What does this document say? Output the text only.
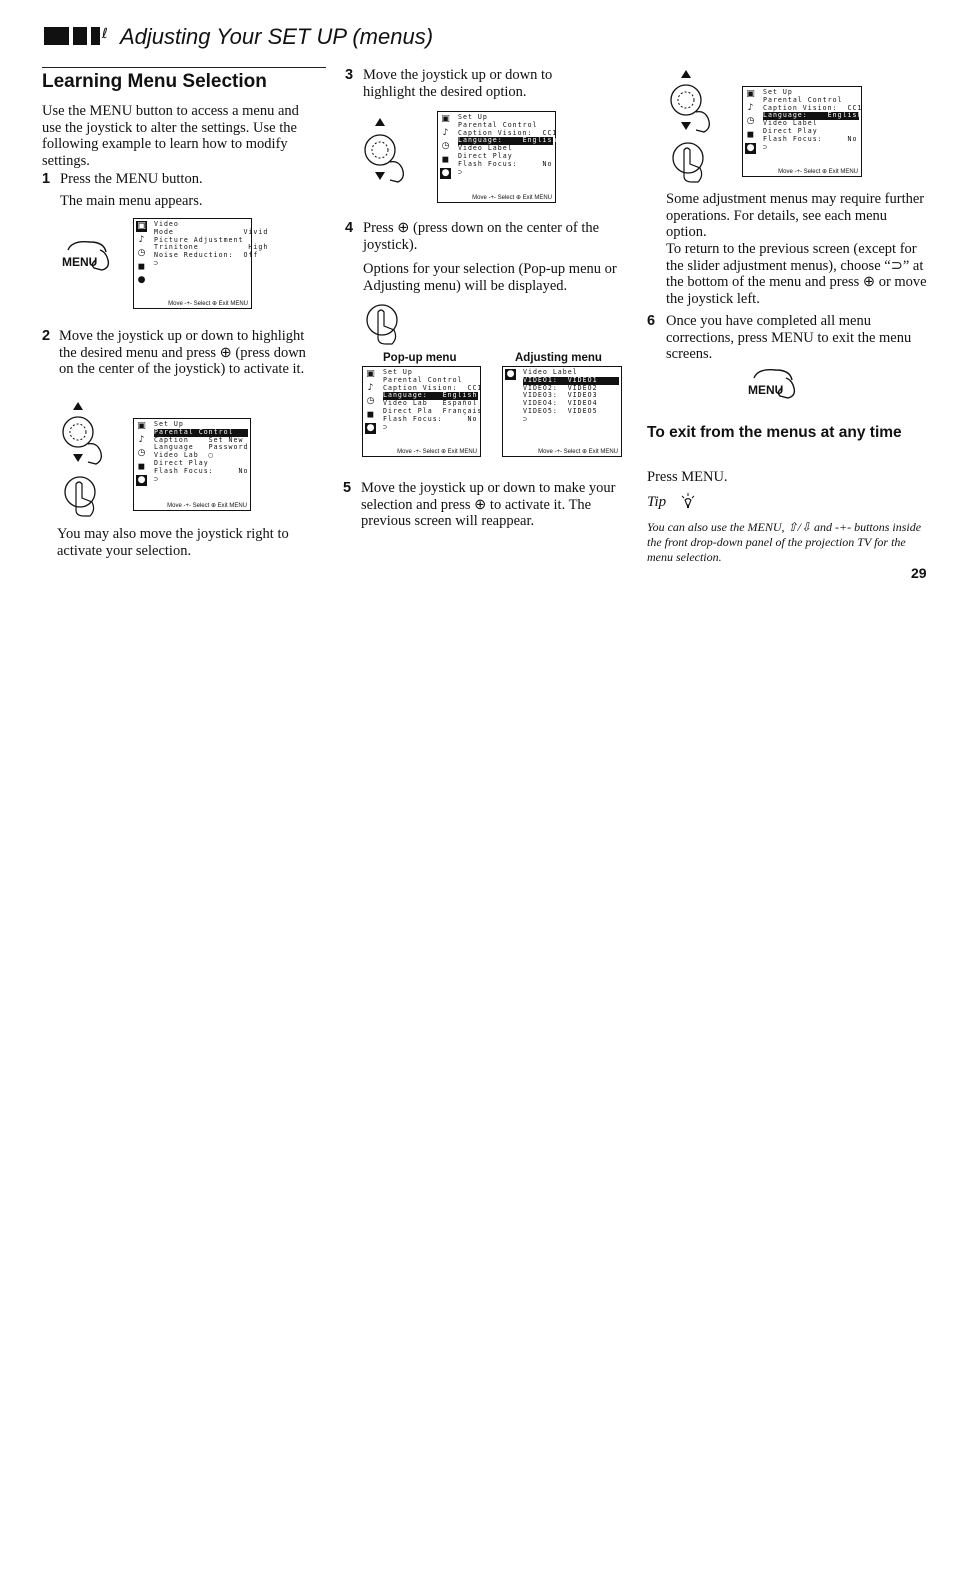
ℓ Adjusting Your SET UP (menus)
Learning Menu Selection
Use the MENU button to access a menu and use the joystick to alter the settings. Use the following example to learn how to modify settings.
1 Press the MENU button.
The main menu appears.
MENU
▣
♪
◷
◼
●
Video
Mode              Vivid
Picture Adjustment
Trinitone          High
Noise Reduction:  Off
⊃
Move -+- Select ⊕ Exit MENU
2 Move the joystick up or down to highlight the desired menu and press ⊕ (press down on the center of the joystick) to activate it.
▣
♪
◷
◼
●
Set Up
Parental Control
Caption    Set New
Language   Password
Video Lab  ▢
Direct Play
Flash Focus:     No
⊃
Move -+- Select ⊕ Exit MENU
You may also move the joystick right to activate your selection.
3 Move the joystick up or down to highlight the desired option.
▣
♪
◷
◼
●
Set Up
Parental Control
Caption Vision:  CC1
Language:    English
Video Label
Direct Play
Flash Focus:     No
⊃
Move -+- Select ⊕ Exit MENU
4 Press ⊕ (press down on the center of the joystick).
Options for your selection (Pop-up menu or Adjusting menu) will be displayed.
Pop-up menu	Adjusting menu
▣
♪
◷
◼
●
Set Up
Parental Control
Caption Vision:  CC1
Language:   English
Video Lab   Español
Direct Pla  Français
Flash Focus:     No
⊃
Move -+- Select ⊕ Exit MENU
● Video Label
VIDEO1:  VIDEO1
VIDEO2:  VIDEO2
VIDEO3:  VIDEO3
VIDEO4:  VIDEO4
VIDEO5:  VIDEO5
⊃
Move -+- Select ⊕ Exit MENU
5 Move the joystick up or down to make your selection and press ⊕ to activate it. The previous screen will reappear.
▣
♪
◷
◼
●
Set Up
Parental Control
Caption Vision:  CC1
Language:    English
Video Label
Direct Play
Flash Focus:     No
⊃
Move -+- Select ⊕ Exit MENU
Some adjustment menus may require further operations. For details, see each menu option.
To return to the previous screen (except for the slider adjustment menus), choose “⊃” at the bottom of the menu and press ⊕ or move the joystick left.
6 Once you have completed all menu corrections, press MENU to exit the menu screens.
MENU
To exit from the menus at any time
Press MENU.
Tip
You can also use the MENU, ⇧/⇩ and -+- buttons inside the front drop-down panel of the projection TV for the menu selection.
29
